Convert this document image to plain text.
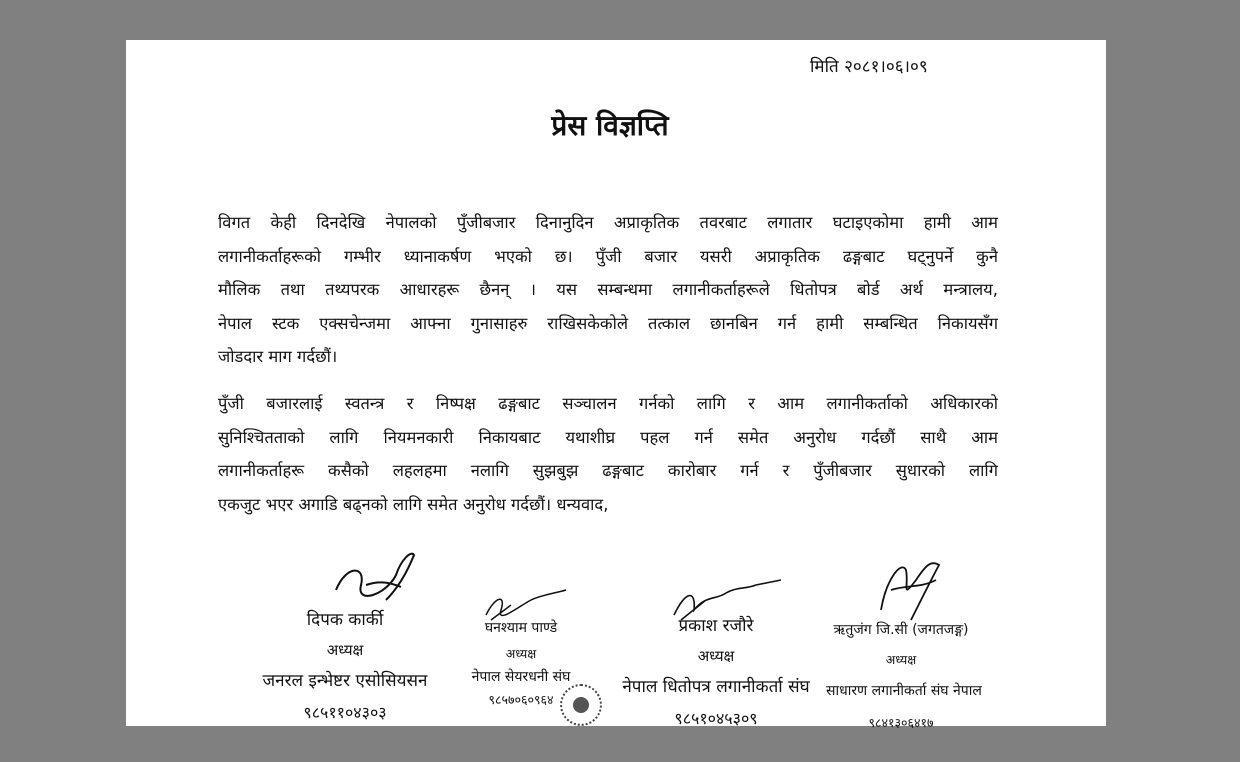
मिति २०८१।०६।०९
प्रेस विज्ञप्ति
विगत केही दिनदेखि नेपालको पुँजीबजार दिनानुदिन अप्राकृतिक तवरबाट लगातार घटाइएकोमा हामी आम
लगानीकर्ताहरूको गम्भीर ध्यानाकर्षण भएको छ। पुँजी बजार यसरी अप्राकृतिक ढङ्गबाट घट्नुपर्ने कुनै
मौलिक तथा तथ्यपरक आधारहरू छैनन् । यस सम्बन्धमा लगानीकर्ताहरूले धितोपत्र बोर्ड अर्थ मन्त्रालय,
नेपाल स्टक एक्सचेन्जमा आफ्ना गुनासाहरु राखिसकेकोले तत्काल छानबिन गर्न हामी सम्बन्धित निकायसँग
जोडदार माग गर्दछौं।
पुँजी बजारलाई स्वतन्त्र र निष्पक्ष ढङ्गबाट सञ्चालन गर्नको लागि र आम लगानीकर्ताको अधिकारको
सुनिश्चितताको लागि नियमनकारी निकायबाट यथाशीघ्र पहल गर्न समेत अनुरोध गर्दछौं साथै आम
लगानीकर्ताहरू कसैको लहलहमा नलागि सुझबुझ ढङ्गबाट कारोबार गर्न र पुँजीबजार सुधारको लागि
एकजुट भएर अगाडि बढ्नको लागि समेत अनुरोध गर्दछौं। धन्यवाद,
दिपक कार्की
अध्यक्ष
जनरल इन्भेष्टर एसोसियसन
९८५११०४३०३
घनश्याम पाण्डे
अध्यक्ष
नेपाल सेयरधनी संघ
९८५७०६०९६४
प्रकाश रजौरे
अध्यक्ष
नेपाल धितोपत्र लगानीकर्ता संघ
९८५१०४५३०९
ऋतुजंग जि.सी (जगतजङ्ग)
अध्यक्ष
साधारण लगानीकर्ता संघ नेपाल
९८४१३०६४१७
